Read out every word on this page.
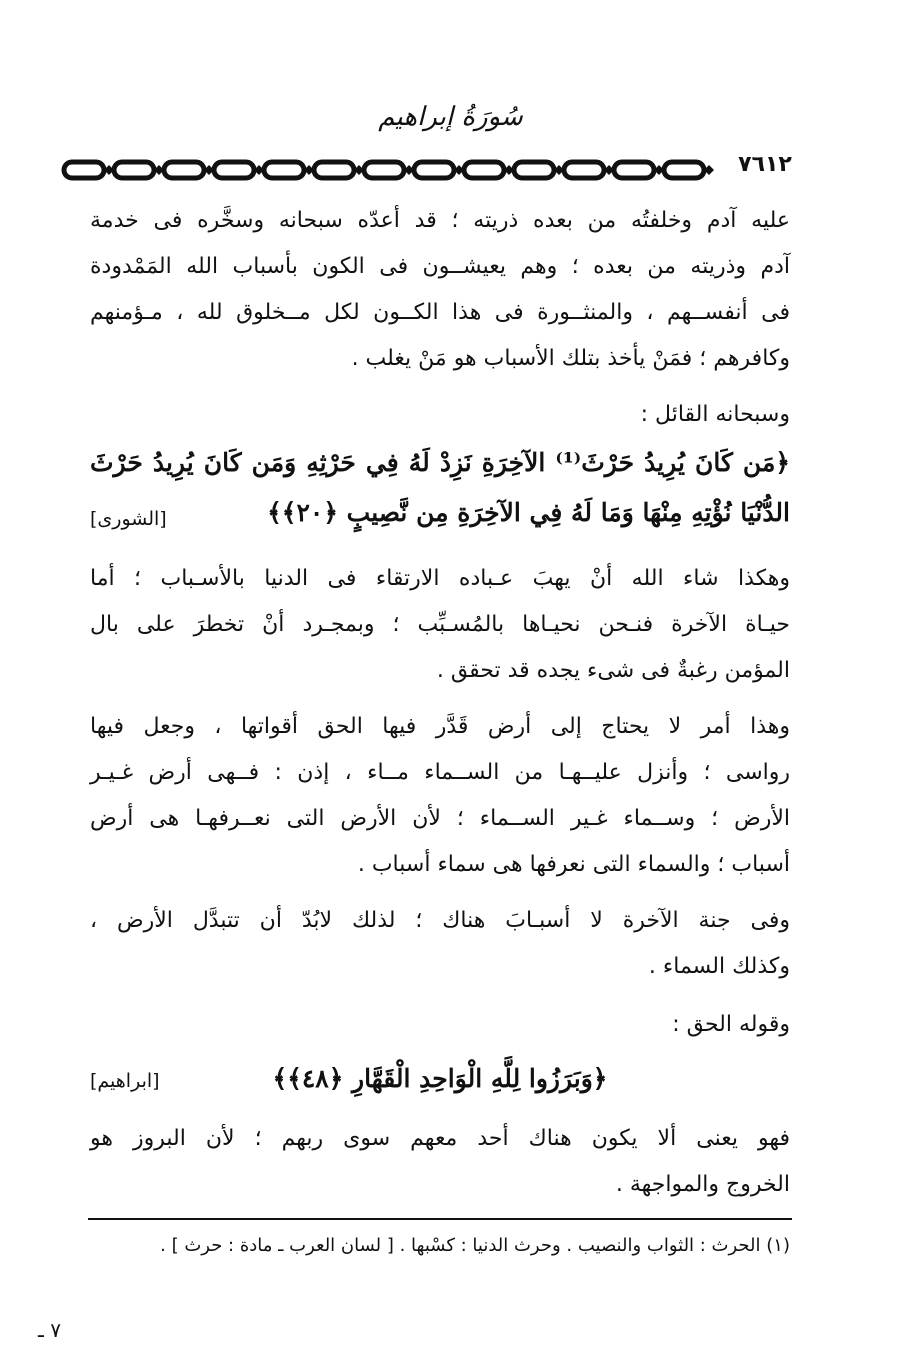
سُورَةُ إبراهيم
٧٦١٢
عليه آدم وخلفتُه من بعده ذريته ؛ قد أعدّه سبحانه وسخَّره فى خدمة
آدم وذريته من بعده ؛ وهم يعيشــون فى الكون بأسباب الله المَمْدودة
فى أنفســهم ، والمنثــورة فى هذا الكــون لكل مــخلوق لله ، مـؤمنهم
وكافرهم ؛ فمَنْ يأخذ بتلك الأسباب هو مَنْ يغلب .
وسبحانه القائل :
﴿مَن كَانَ يُرِيدُ حَرْثَ⁽¹⁾ الآخِرَةِ نَزِدْ لَهُ فِي حَرْثِهِ وَمَن كَانَ يُرِيدُ حَرْثَ
الدُّنْيَا نُؤْتِهِ مِنْهَا وَمَا لَهُ فِي الآخِرَةِ مِن نَّصِيبٍ ﴿٢٠﴾﴾
[الشورى]
وهكذا شاء الله أنْ يهبَ عـباده الارتقاء فى الدنيا بالأسـباب ؛ أما
حيـاة الآخرة فنـحن نحيـاها بالمُسـبِّب ؛ وبمجـرد أنْ تخطرَ على بال
المؤمن رغبةٌ فى شىء يجده قد تحقق .
وهذا أمر لا يحتاج إلى أرض قَدَّر فيها الحق أقواتها ، وجعل فيها
رواسى ؛ وأنزل عليــهـا من الســماء مــاء ، إذن : فــهى أرض غـيـر
الأرض ؛ وســماء غـير الســماء ؛ لأن الأرض التى نعــرفهـا هى أرض
أسباب ؛ والسماء التى نعرفها هى سماء أسباب .
وفى جنة الآخرة لا أسبـابَ هناك ؛ لذلك لابُدّ أن تتبدَّل الأرض ،
وكذلك السماء .
وقوله الحق :
﴿وَبَرَزُوا لِلَّهِ الْوَاحِدِ الْقَهَّارِ ﴿٤٨﴾﴾
[ابراهيم]
فهو يعنى ألا يكون هناك أحد معهم سوى ربهم ؛ لأن البروز هو
الخروج والمواجهة .
(١) الحرث : الثواب والنصيب . وحرث الدنيا : كسْبها . [ لسان العرب ـ مادة : حرث ] .
٧ ـ
